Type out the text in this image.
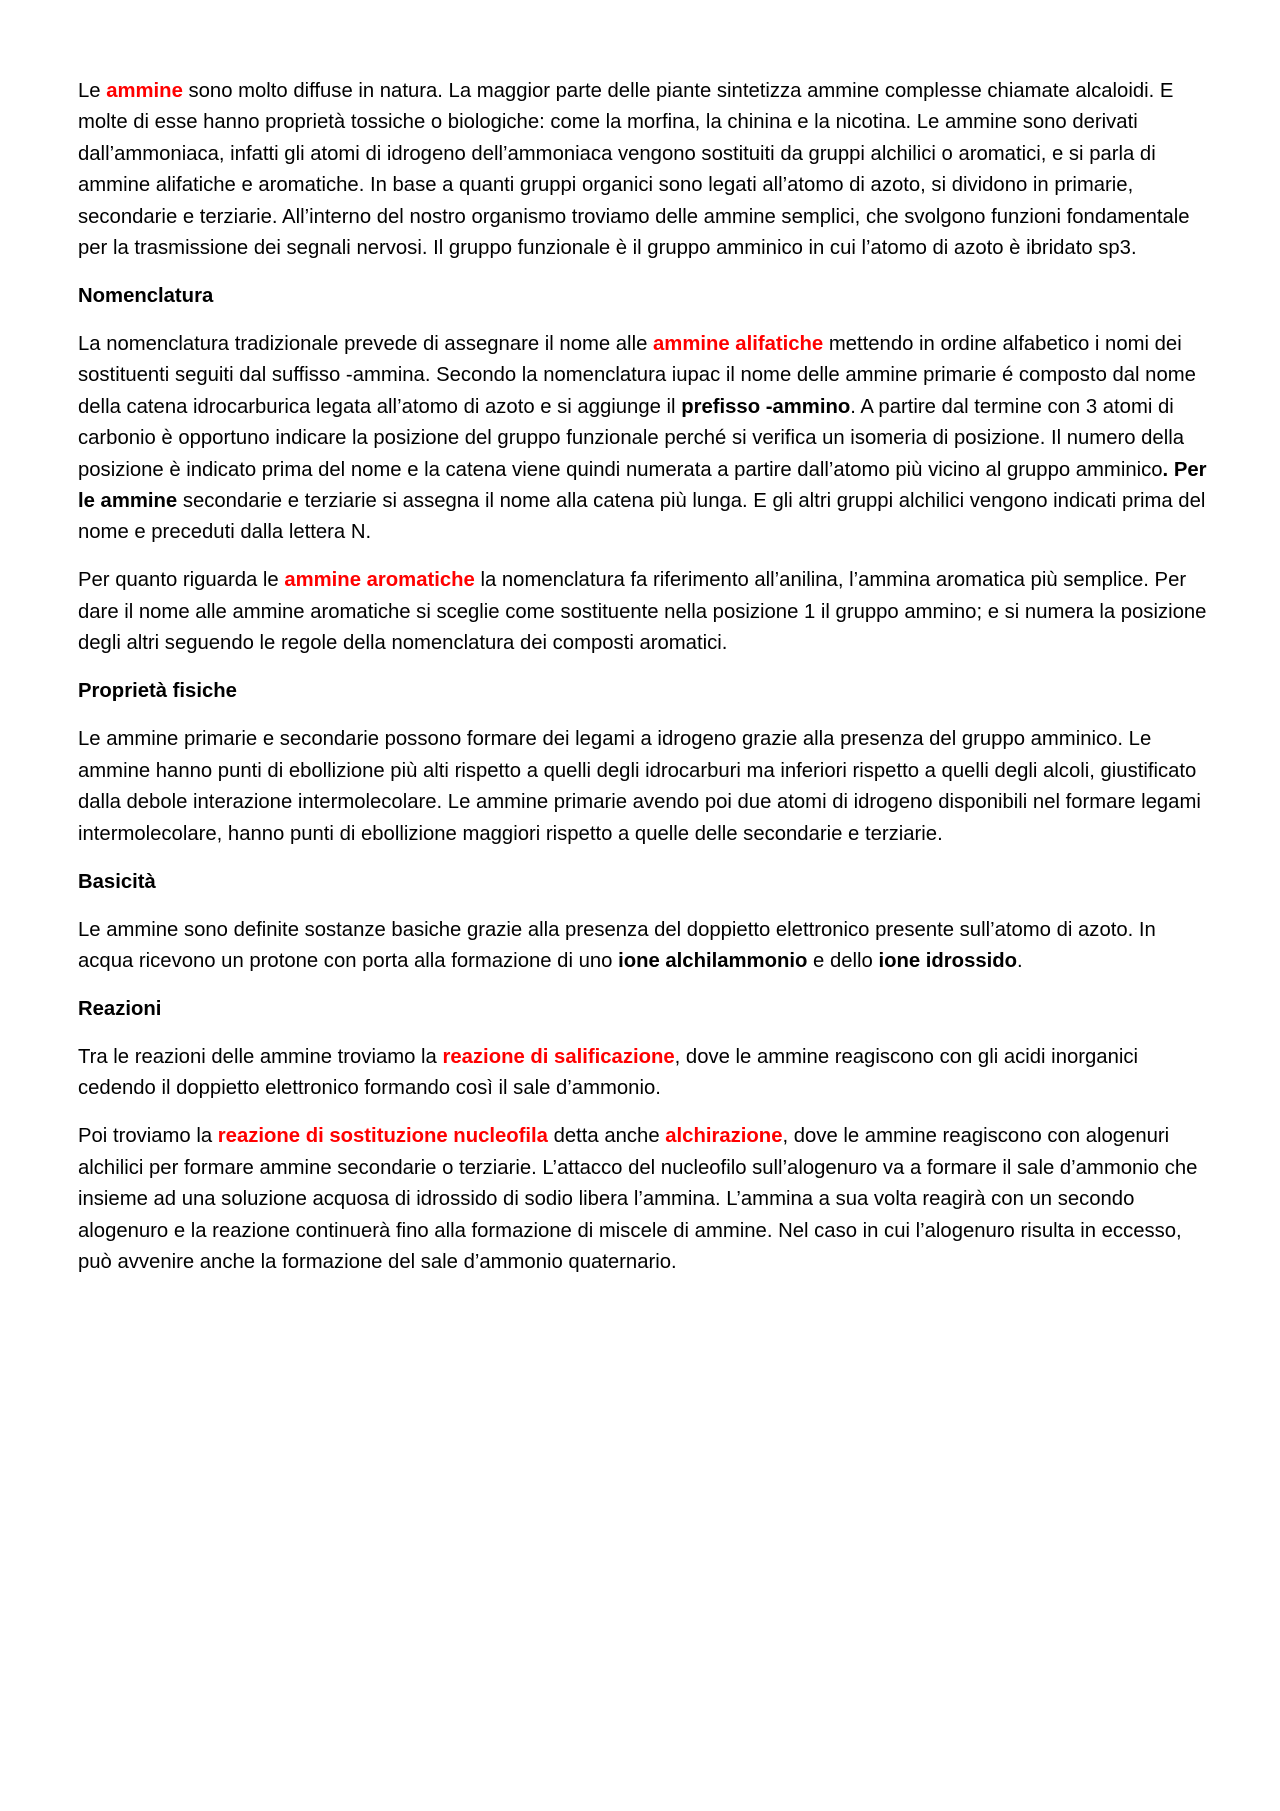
Le ammine sono molto diffuse in natura. La maggior parte delle piante sintetizza ammine complesse chiamate alcaloidi. E molte di esse hanno proprietà tossiche o biologiche: come la morfina, la chinina e la nicotina. Le ammine sono derivati dall’ammoniaca, infatti gli atomi di idrogeno dell’ammoniaca vengono sostituiti da gruppi alchilici o aromatici, e si parla di ammine alifatiche e aromatiche. In base a quanti gruppi organici sono legati all’atomo di azoto, si dividono in primarie, secondarie e terziarie. All’interno del nostro organismo troviamo delle ammine semplici, che svolgono funzioni fondamentale per la trasmissione dei segnali nervosi. Il gruppo funzionale è il gruppo amminico in cui l’atomo di azoto è ibridato sp3.

Nomenclatura

La nomenclatura tradizionale prevede di assegnare il nome alle ammine alifatiche mettendo in ordine alfabetico i nomi dei sostituenti seguiti dal suffisso -ammina. Secondo la nomenclatura iupac il nome delle ammine primarie é composto dal nome della catena idrocarburica legata all’atomo di azoto e si aggiunge il prefisso -ammino. A partire dal termine con 3 atomi di carbonio è opportuno indicare la posizione del gruppo funzionale perché si verifica un isomeria di posizione. Il numero della posizione è indicato prima del nome e la catena viene quindi numerata a partire dall’atomo più vicino al gruppo amminico. Per le ammine secondarie e terziarie si assegna il nome alla catena più lunga. E gli altri gruppi alchilici vengono indicati prima del nome e preceduti dalla lettera N.

Per quanto riguarda le ammine aromatiche la nomenclatura fa riferimento all’anilina, l’ammina aromatica più semplice. Per dare il nome alle ammine aromatiche si sceglie come sostituente nella posizione 1 il gruppo ammino; e si numera la posizione degli altri seguendo le regole della nomenclatura dei composti aromatici.

Proprietà fisiche

Le ammine primarie e secondarie possono formare dei legami a idrogeno grazie alla presenza del gruppo amminico. Le ammine hanno punti di ebollizione più alti rispetto a quelli degli idrocarburi ma inferiori rispetto a quelli degli alcoli, giustificato dalla debole interazione intermolecolare. Le ammine primarie avendo poi due atomi di idrogeno disponibili nel formare legami intermolecolare, hanno punti di ebollizione maggiori rispetto a quelle delle secondarie e terziarie.

Basicità

Le ammine sono definite sostanze basiche grazie alla presenza del doppietto elettronico presente sull’atomo di azoto. In acqua ricevono un protone con porta alla formazione di uno ione alchilammonio e dello ione idrossido.

Reazioni

Tra le reazioni delle ammine troviamo la reazione di salificazione, dove le ammine reagiscono con gli acidi inorganici cedendo il doppietto elettronico formando così il sale d’ammonio.

Poi troviamo la reazione di sostituzione nucleofila detta anche alchirazione, dove le ammine reagiscono con alogenuri alchilici per formare ammine secondarie o terziarie. L’attacco del nucleofilo sull’alogenuro va a formare il sale d’ammonio che insieme ad una soluzione acquosa di idrossido di sodio libera l’ammina. L’ammina a sua volta reagirà con un secondo alogenuro e la reazione continuerà fino alla formazione di miscele di ammine. Nel caso in cui l’alogenuro risulta in eccesso, può avvenire anche la formazione del sale d’ammonio quaternario.
